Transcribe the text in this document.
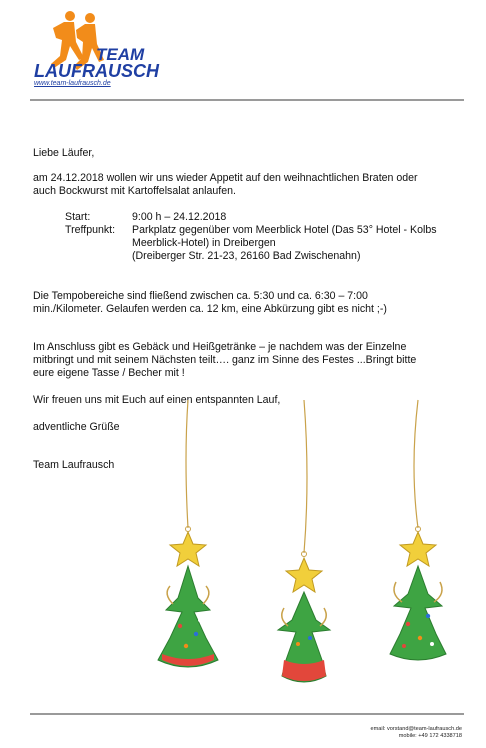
TEAM
LAUFRAUSCH
www.team-laufrausch.de
Liebe Läufer,
am 24.12.2018 wollen wir uns wieder Appetit auf den weihnachtlichen Braten oder
auch Bockwurst mit Kartoffelsalat anlaufen.
Start:	9:00 h – 24.12.2018
Treffpunkt: Parkplatz gegenüber vom Meerblick Hotel (Das 53° Hotel - Kolbs
Meerblick-Hotel) in Dreibergen
(Dreiberger Str. 21-23, 26160 Bad Zwischenahn)
Die Tempobereiche sind fließend zwischen ca. 5:30 und ca. 6:30 – 7:00
min./Kilometer. Gelaufen werden ca. 12 km, eine Abkürzung gibt es nicht ;-)
Im Anschluss gibt es Gebäck und Heißgetränke – je nachdem was der Einzelne
mitbringt und mit seinem Nächsten teilt…. ganz im Sinne des Festes ...Bringt bitte
eure eigene Tasse / Becher mit !
Wir freuen uns mit Euch auf einen entspannten Lauf,
adventliche Grüße
Team Laufrausch
email: vorstand@team-laufrausch.de
mobile: +49 172 4338718
